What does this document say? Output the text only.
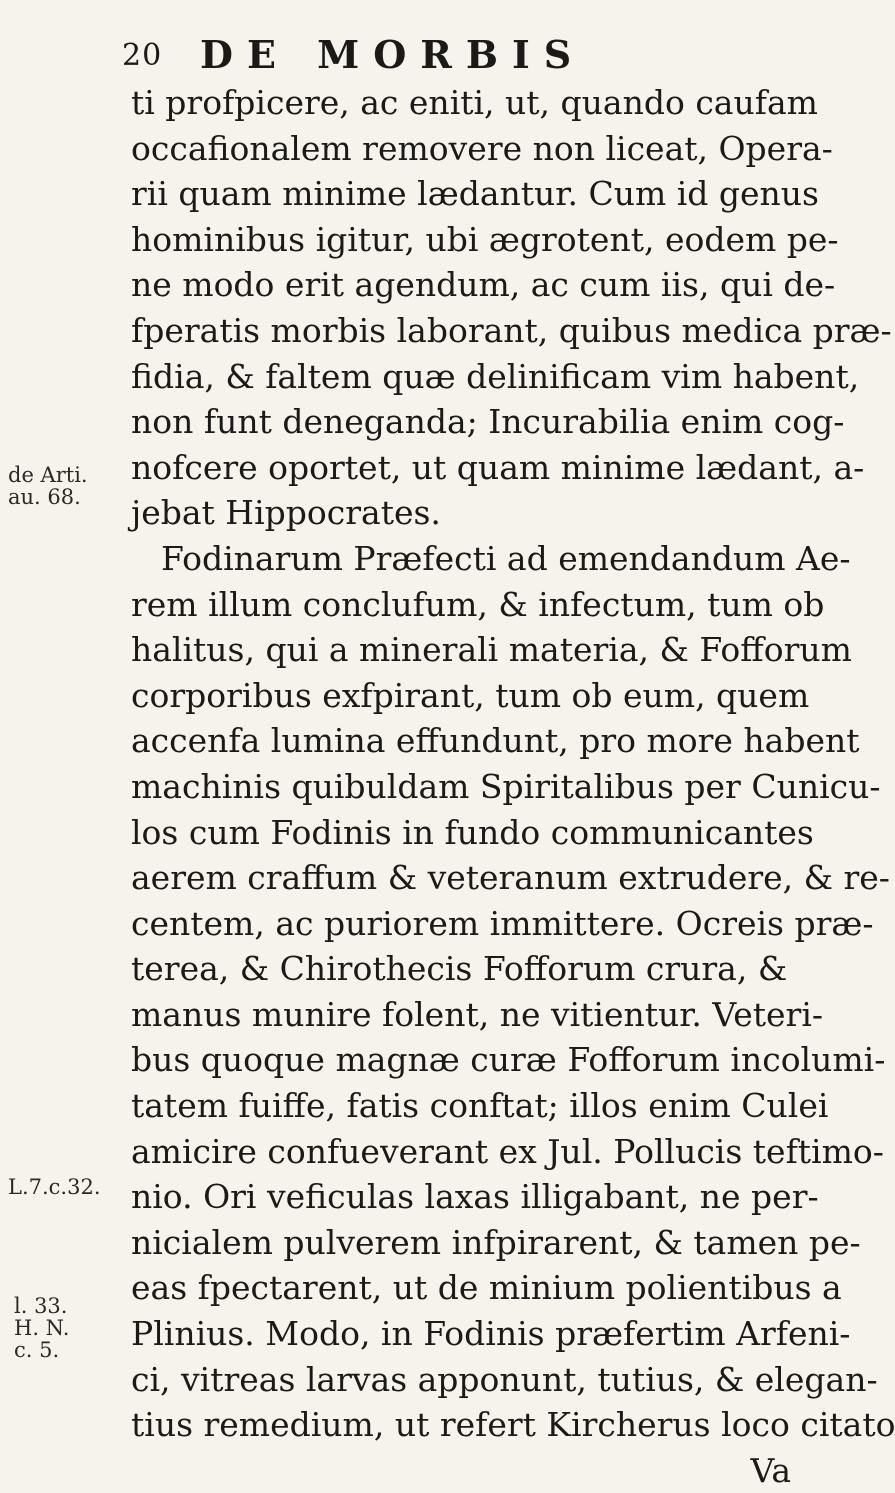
20 DE MORBIS
ti profpicere, ac eniti, ut, quando caufam
occafionalem removere non liceat, Opera-
rii quam minime lædantur. Cum id genus
hominibus igitur, ubi ægrotent, eodem pe-
ne modo erit agendum, ac cum iis, qui de-
fperatis morbis laborant, quibus medica præ-
fidia, & faltem quæ delinificam vim habent,
non funt deneganda; Incurabilia enim cog-
nofcere oportet, ut quam minime lædant, a-
jebat Hippocrates.
Fodinarum Præfecti ad emendandum Ae-
rem illum conclufum, & infectum, tum ob
halitus, qui a minerali materia, & Fofforum
corporibus exfpirant, tum ob eum, quem
accenfa lumina effundunt, pro more habent
machinis quibuldam Spiritalibus per Cunicu-
los cum Fodinis in fundo communicantes
aerem craffum & veteranum extrudere, & re-
centem, ac puriorem immittere. Ocreis præ-
terea, & Chirothecis Fofforum crura, &
manus munire folent, ne vitientur. Veteri-
bus quoque magnæ curæ Fofforum incolumi-
tatem fuiffe, fatis conftat; illos enim Culei
amicire confueverant ex Jul. Pollucis teftimo-
nio. Ori veficulas laxas illigabant, ne per-
nicialem pulverem infpirarent, & tamen pe-
eas fpectarent, ut de minium polientibus a
Plinius. Modo, in Fodinis præfertim Arfeni-
ci, vitreas larvas apponunt, tutius, & elegan-
tius remedium, ut refert Kircherus loco citato
Va
de Arti.
au. 68.
L.7.c.32.
l. 33.
H. N.
c. 5.
